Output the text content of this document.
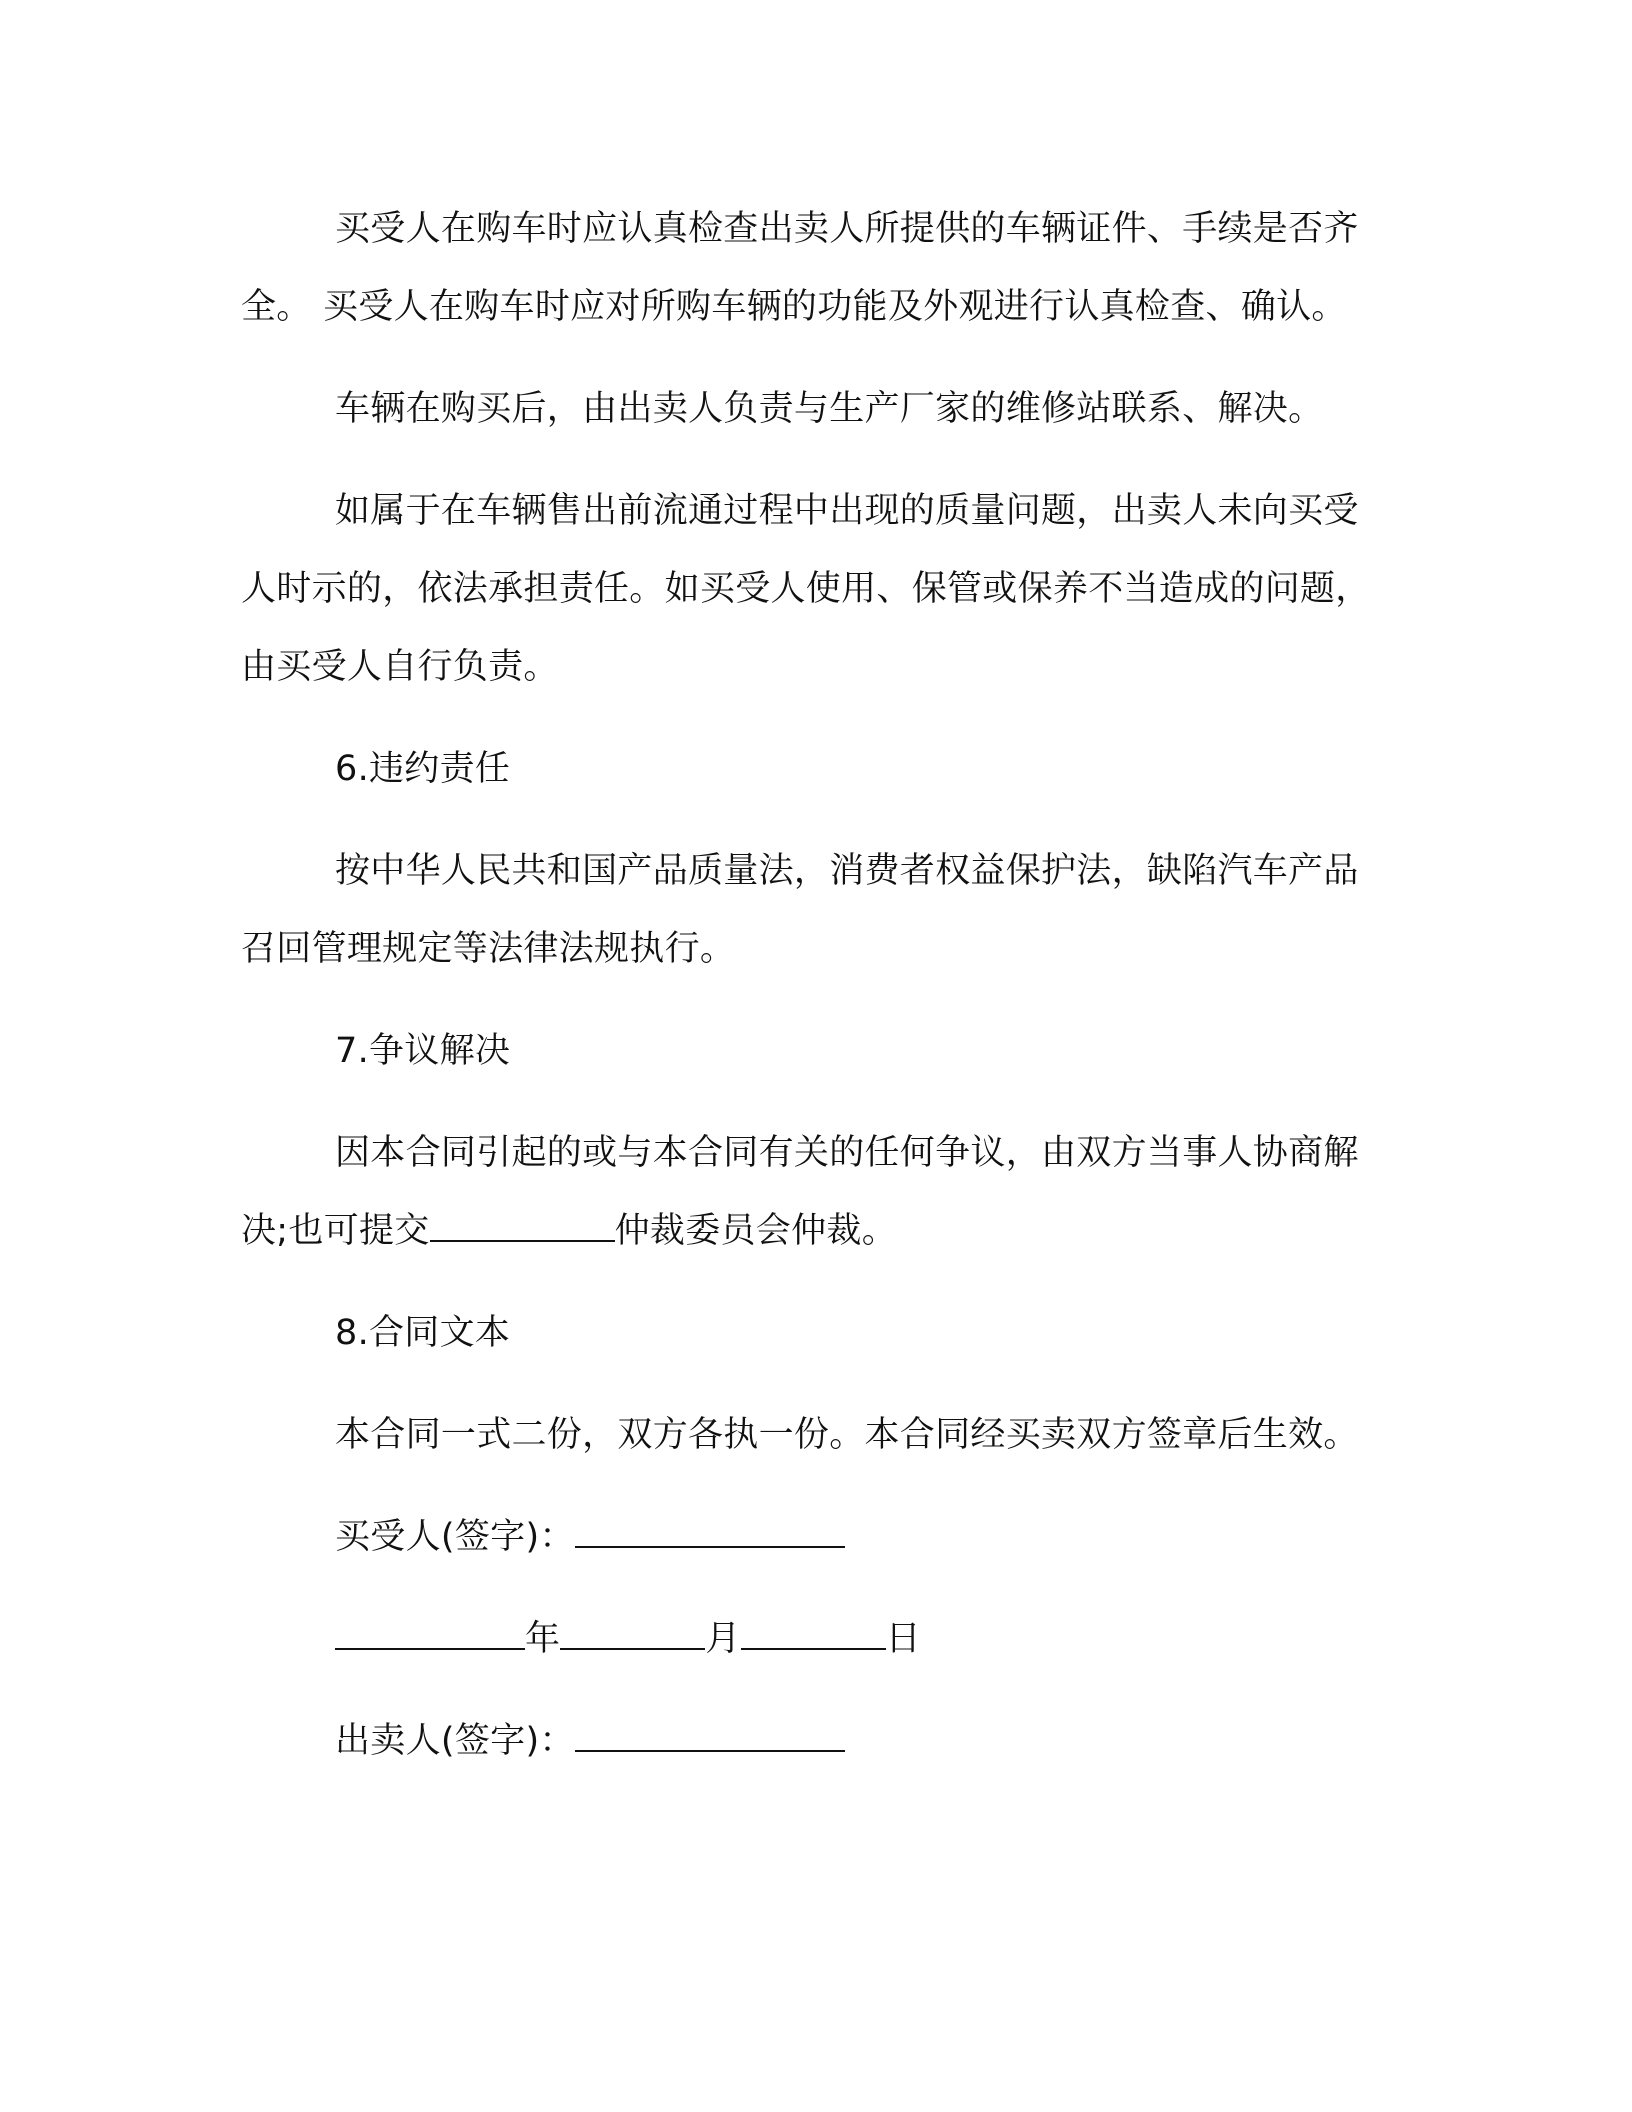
买受人在购车时应认真检查出卖人所提供的车辆证件、手续是否齐全。 买受人在购车时应对所购车辆的功能及外观进行认真检查、确认。

车辆在购买后，由出卖人负责与生产厂家的维修站联系、解决。

如属于在车辆售出前流通过程中出现的质量问题，出卖人未向买受人时示的，依法承担责任。如买受人使用、保管或保养不当造成的问题，由买受人自行负责。

6.违约责任

按中华人民共和国产品质量法，消费者权益保护法，缺陷汽车产品召回管理规定等法律法规执行。

7.争议解决

因本合同引起的或与本合同有关的任何争议，由双方当事人协商解决;也可提交	仲裁委员会仲裁。

8.合同文本

本合同一式二份，双方各执一份。本合同经买卖双方签章后生效。

买受人(签字)：

年	月	日

出卖人(签字)：
